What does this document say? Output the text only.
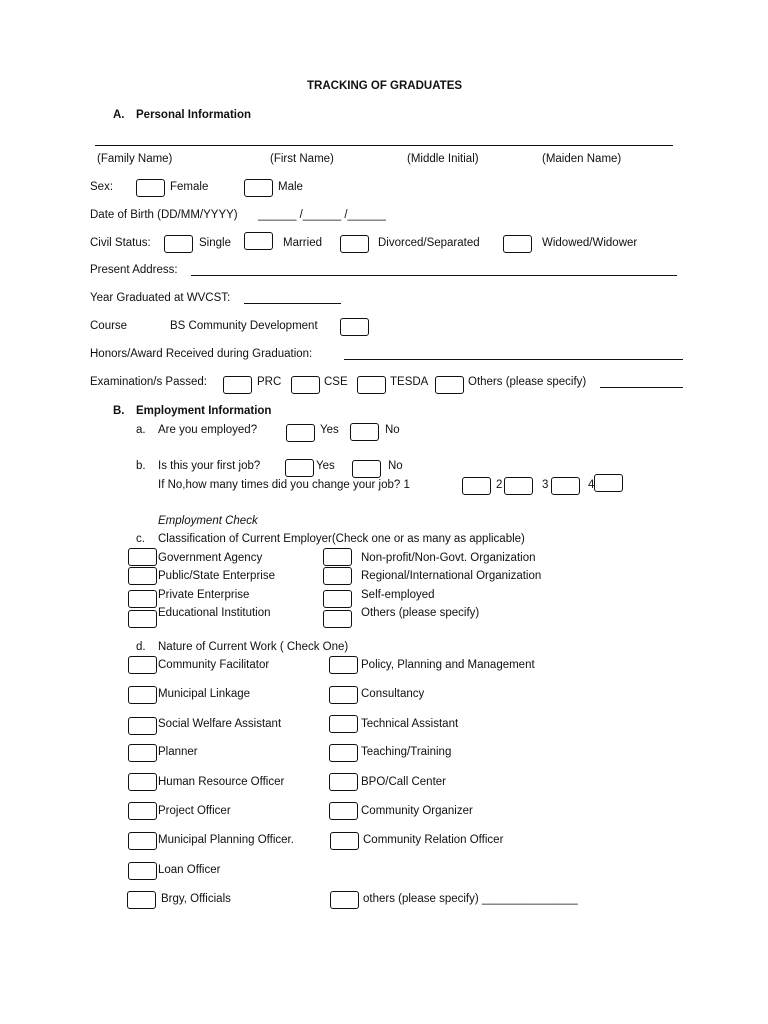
TRACKING OF GRADUATES
A. Personal Information
(Family Name)	(First Name)	(Middle Initial)	(Maiden Name)
Sex:	Female	Male
Date of Birth (DD/MM/YYYY) ______ /______ /______
Civil Status:	Single	Married	Divorced/Separated	Widowed/Widower
Present Address:
Year Graduated at WVCST:
Course	BS Community Development
Honors/Award Received during Graduation:
Examination/s Passed:	PRC	CSE	TESDA	Others (please specify)
B. Employment Information
a. Are you employed?	Yes	No
b. Is this your first job?	Yes	No
If No,how many times did you change your job? 1	2	3	4
Employment Check
c. Classification of Current Employer(Check one or as many as applicable)
Government Agency	Non-profit/Non-Govt. Organization
Public/State Enterprise	Regional/International Organization
Private Enterprise	Self-employed
Educational Institution	Others (please specify)
d. Nature of Current Work ( Check One)
Community Facilitator	Policy, Planning and Management
Municipal Linkage	Consultancy
Social Welfare Assistant	Technical Assistant
Planner	Teaching/Training
Human Resource Officer	BPO/Call Center
Project Officer	Community Organizer
Municipal Planning Officer.	Community Relation Officer
Loan Officer
Brgy, Officials	others (please specify) _______________
